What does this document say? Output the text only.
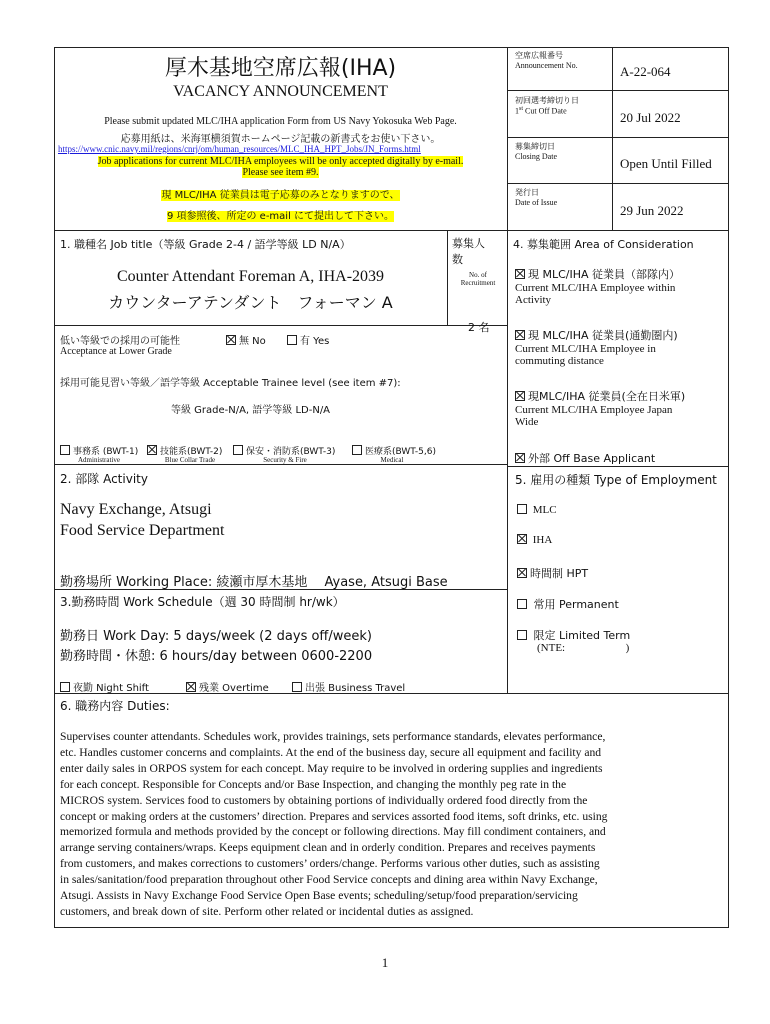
厚木基地空席広報(IHA)
VACANCY ANNOUNCEMENT
Please submit updated MLC/IHA application Form from US Navy Yokosuka Web Page.
応募用紙は、米海軍横須賀ホームページ記載の新書式をお使い下さい。
https://www.cnic.navy.mil/regions/cnrj/om/human_resources/MLC_IHA_HPT_Jobs/JN_Forms.html
Job applications for current MLC/IHA employees will be only accepted digitally by e-mail.
Please see item #9.
現 MLC/IHA 従業員は電子応募のみとなりますので、
9 項参照後、所定の e-mail にて提出して下さい。
空席広報番号
Announcement No.	A-22-064
初回選考締切り日
1st Cut Off Date	20 Jul 2022
募集締切日
Closing Date	Open Until Filled
発行日
Date of Issue
29 Jun 2022
1. 職種名 Job title（等級 Grade 2-4 / 語学等級 LD N/A）
Counter Attendant Foreman A, IHA-2039
カウンターアテンダント　フォーマン A
募集人
数
No. of
Recruitment
2 名
低い等級での採用の可能性
Acceptance at Lower Grade
無 No	有 Yes
採用可能見習い等級／語学等級 Acceptable Trainee level (see item #7):
等級 Grade-N/A, 語学等級 LD-N/A
事務系 (BWT-1)
Administrative
技能系(BWT-2)
Blue Collar Trade
保安・消防系(BWT-3)
Security & Fire
医療系(BWT-5,6)
Medical
4. 募集範囲 Area of Consideration
現 MLC/IHA 従業員（部隊内）
Current MLC/IHA Employee within
Activity
現 MLC/IHA 従業員(通勤圏内)
Current MLC/IHA Employee in
commuting distance
現MLC/IHA 従業員(全在日米軍)
Current MLC/IHA Employee Japan
Wide
外部 Off Base Applicant
2. 部隊 Activity
Navy Exchange, Atsugi
Food Service Department
勤務場所 Working Place: 綾瀬市厚木基地　 Ayase, Atsugi Base
5. 雇用の種類 Type of Employment
MLC
IHA
時間制 HPT
常用 Permanent
限定 Limited Term
(NTE:                      )
3.勤務時間 Work Schedule（週 30 時間制 hr/wk）
勤務日 Work Day: 5 days/week (2 days off/week)
勤務時間・休憩: 6 hours/day between 0600-2200
夜勤 Night Shift	残業 Overtime	出張 Business Travel
6. 職務内容 Duties:
Supervises counter attendants. Schedules work, provides trainings, sets performance standards, elevates performance,
etc. Handles customer concerns and complaints. At the end of the business day, secure all equipment and facility and
enter daily sales in ORPOS system for each concept. May require to be involved in ordering supplies and ingredients
for each concept. Responsible for Concepts and/or Base Inspection, and changing the monthly peg rate in the
MICROS system. Services food to customers by obtaining portions of individually ordered food directly from the
concept or making orders at the customers’ direction. Prepares and services assorted food items, soft drinks, etc. using
memorized formula and methods provided by the concept or following directions. May fill condiment containers, and
arrange serving containers/wraps. Keeps equipment clean and in orderly condition. Prepares and receives payments
from customers, and makes corrections to customers’ orders/change. Performs various other duties, such as assisting
in sales/sanitation/food preparation throughout other Food Service concepts and dining area within Navy Exchange,
Atsugi. Assists in Navy Exchange Food Service Open Base events; scheduling/setup/food preparation/servicing
customers, and break down of site. Perform other related or incidental duties as assigned.
1
